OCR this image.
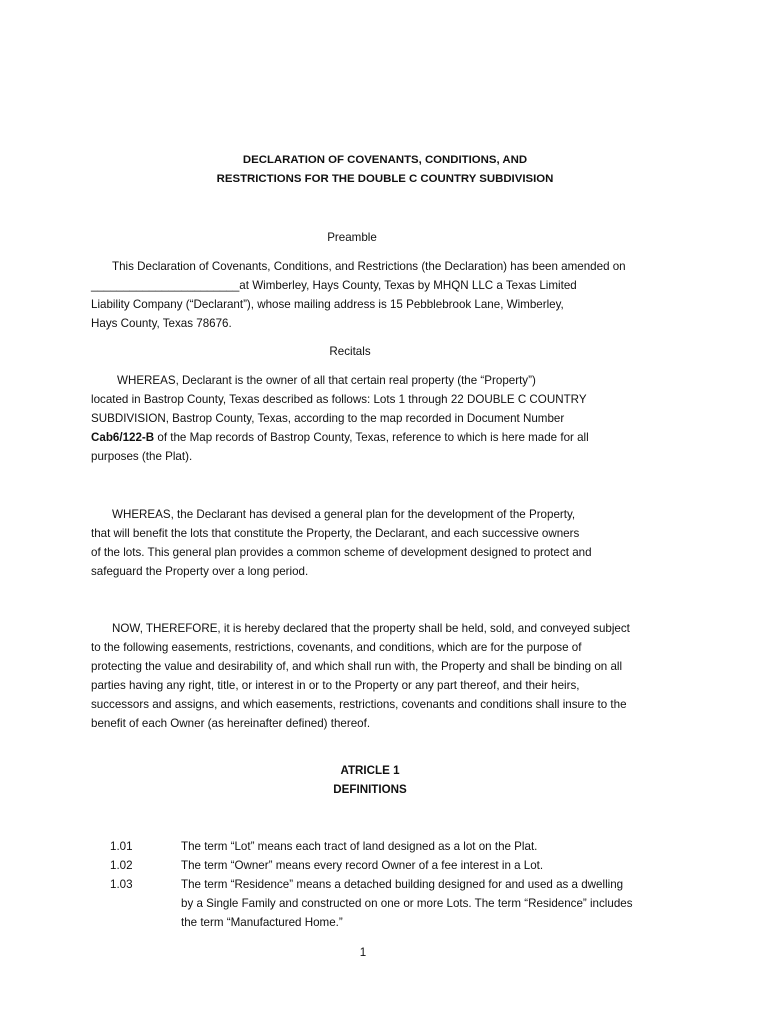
DECLARATION OF COVENANTS, CONDITIONS, AND
RESTRICTIONS FOR THE DOUBLE C COUNTRY SUBDIVISION
Preamble
This Declaration of Covenants, Conditions, and Restrictions (the Declaration) has been amended on
_______________________at Wimberley, Hays County, Texas by MHQN LLC a Texas Limited
Liability Company (“Declarant”), whose mailing address is 15 Pebblebrook Lane, Wimberley,
Hays County, Texas 78676.
Recitals
WHEREAS, Declarant is the owner of all that certain real property (the “Property”)
located in Bastrop County, Texas described as follows: Lots 1 through 22 DOUBLE C COUNTRY
SUBDIVISION, Bastrop County, Texas, according to the map recorded in Document Number
Cab6/122-B of the Map records of Bastrop County, Texas, reference to which is here made for all
purposes (the Plat).
WHEREAS, the Declarant has devised a general plan for the development of the Property,
that will benefit the lots that constitute the Property, the Declarant, and each successive owners
of the lots. This general plan provides a common scheme of development designed to protect and
safeguard the Property over a long period.
NOW, THEREFORE, it is hereby declared that the property shall be held, sold, and conveyed subject
to the following easements, restrictions, covenants, and conditions, which are for the purpose of
protecting the value and desirability of, and which shall run with, the Property and shall be binding on all
parties having any right, title, or interest in or to the Property or any part thereof, and their heirs,
successors and assigns, and which easements, restrictions, covenants and conditions shall insure to the
benefit of each Owner (as hereinafter defined) thereof.
ATRICLE 1
DEFINITIONS
1.01	The term “Lot” means each tract of land designed as a lot on the Plat.
1.02	The term “Owner” means every record Owner of a fee interest in a Lot.
1.03	The term “Residence” means a detached building designed for and used as a dwelling
by a Single Family and constructed on one or more Lots. The term “Residence” includes
the term “Manufactured Home.”
1
